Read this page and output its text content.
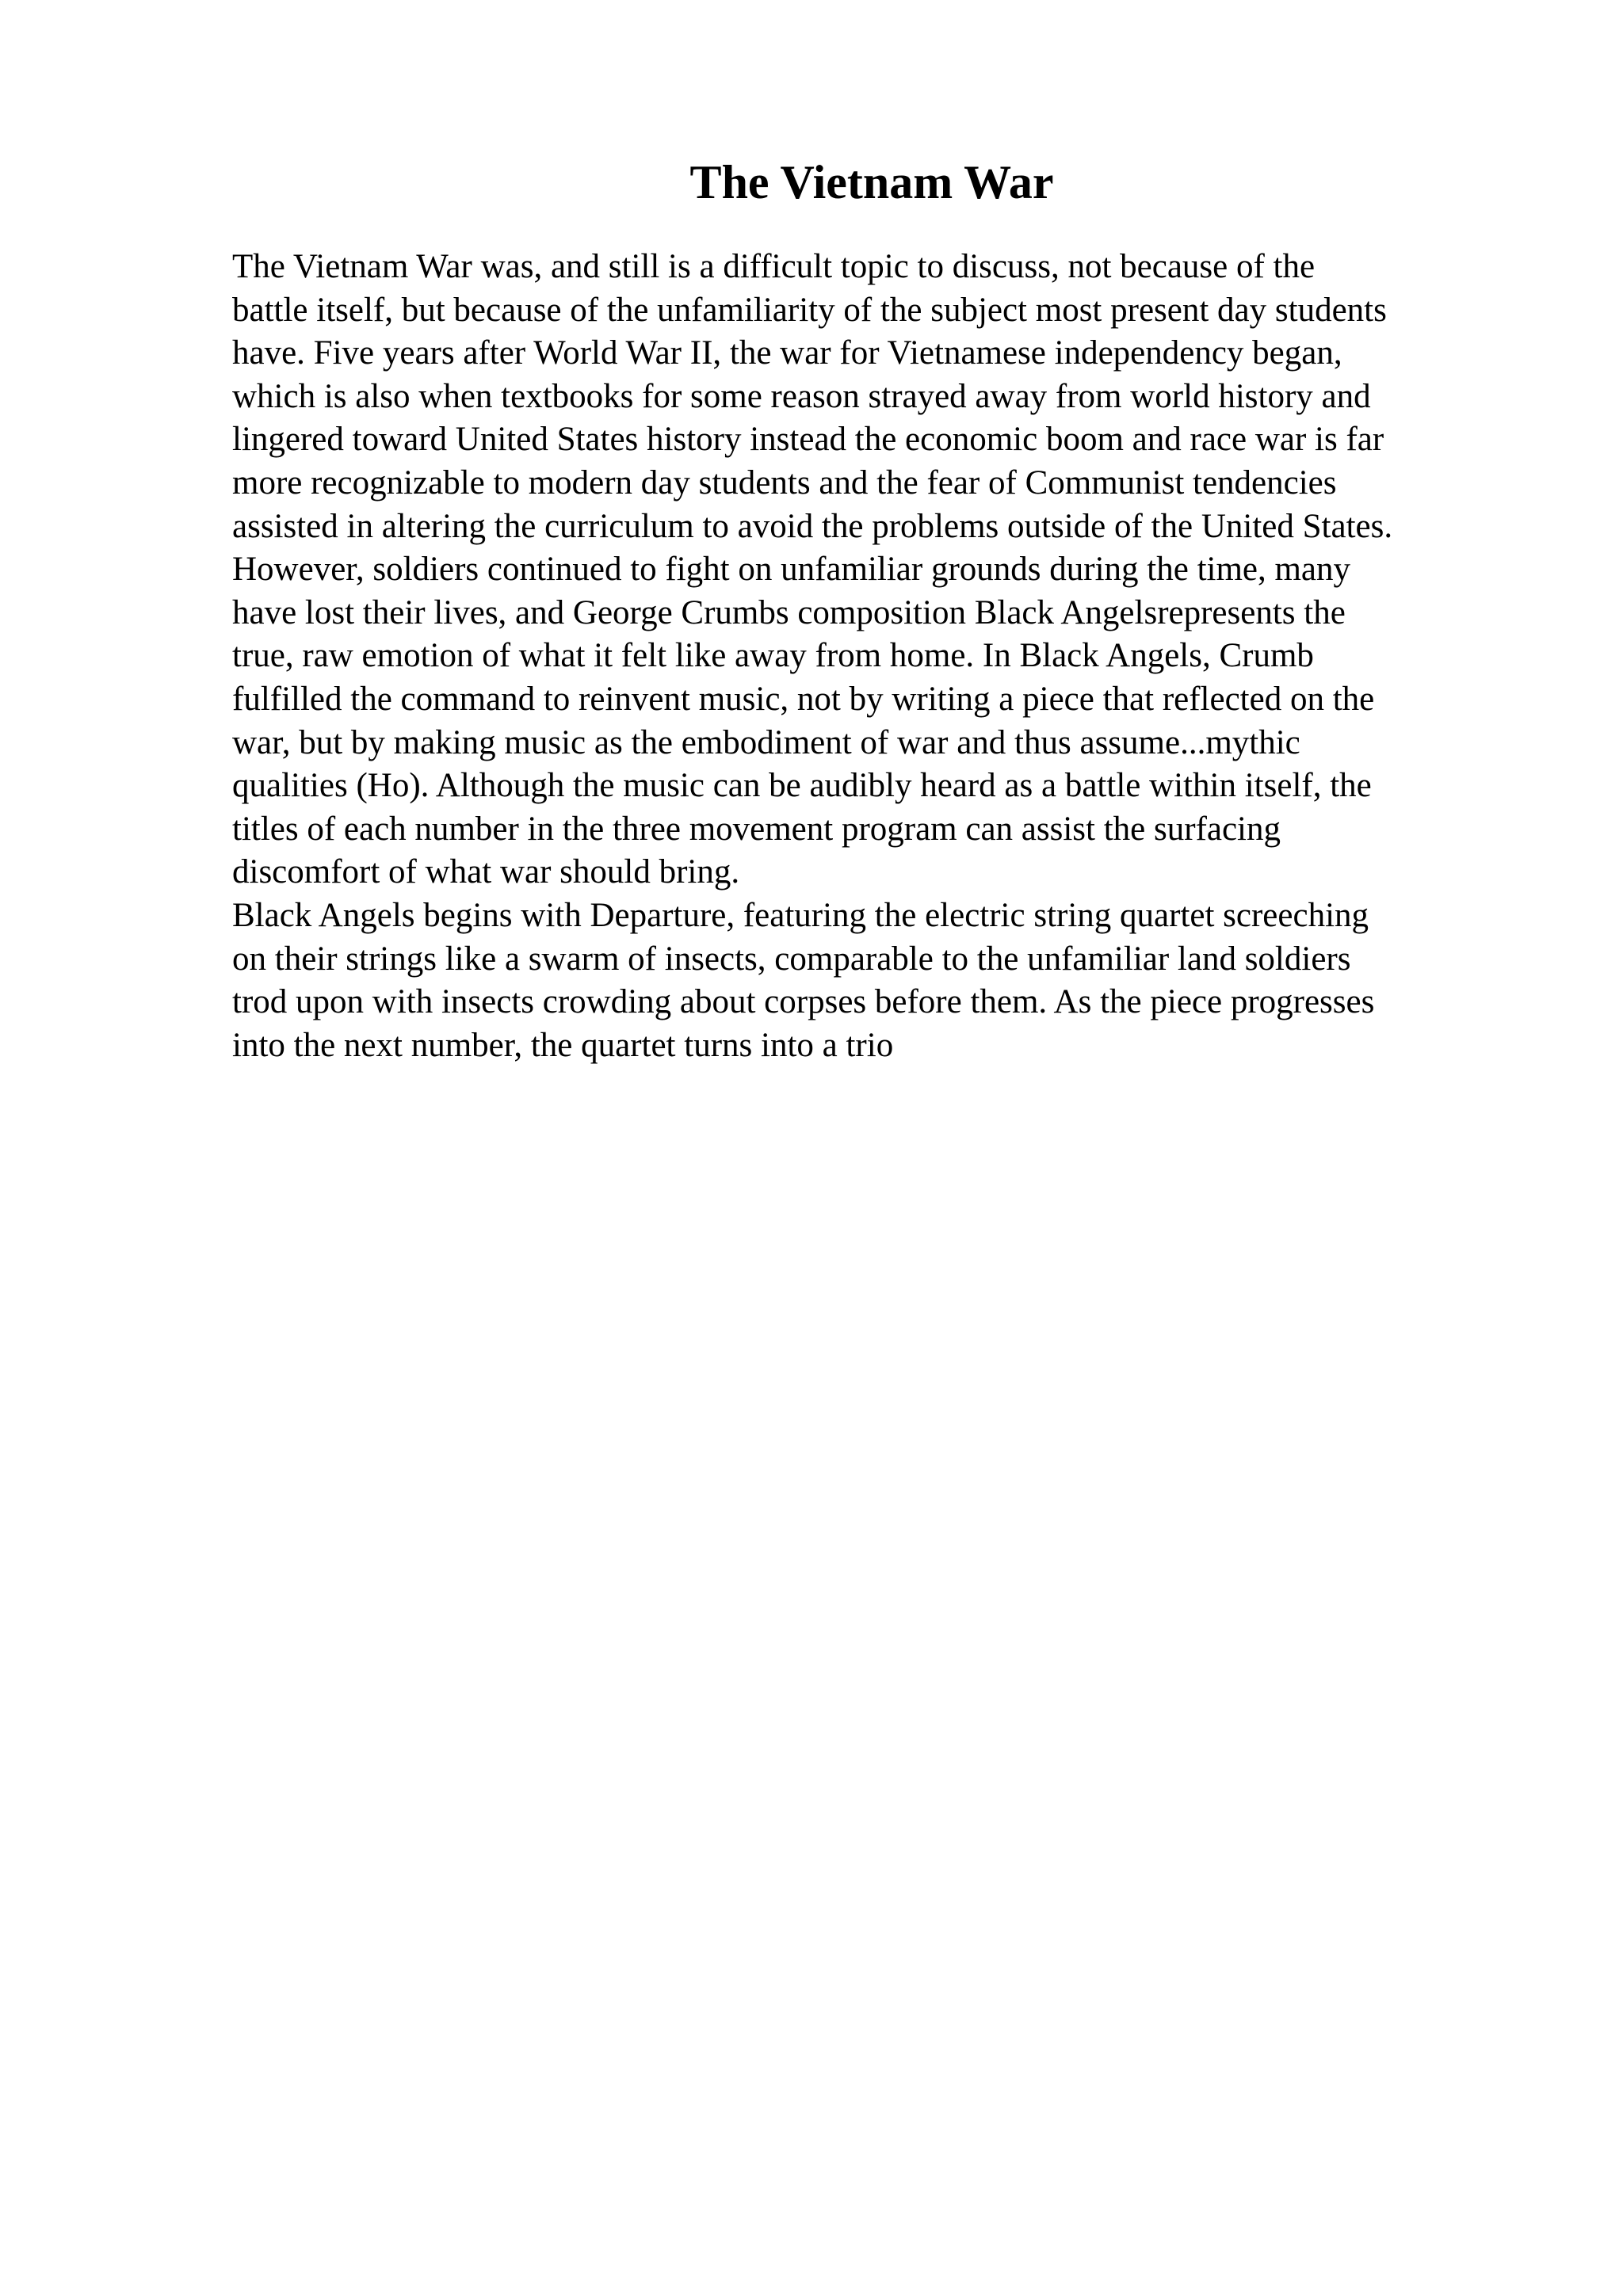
The Vietnam War
The Vietnam War was, and still is a difficult topic to discuss, not because of the
battle itself, but because of the unfamiliarity of the subject most present day students
have. Five years after World War II, the war for Vietnamese independency began,
which is also when textbooks for some reason strayed away from world history and
lingered toward United States history instead the economic boom and race war is far
more recognizable to modern day students and the fear of Communist tendencies
assisted in altering the curriculum to avoid the problems outside of the United States.
However, soldiers continued to fight on unfamiliar grounds during the time, many
have lost their lives, and George Crumbs composition Black Angelsrepresents the
true, raw emotion of what it felt like away from home. In Black Angels, Crumb
fulfilled the command to reinvent music, not by writing a piece that reflected on the
war, but by making music as the embodiment of war and thus assume...mythic
qualities (Ho). Although the music can be audibly heard as a battle within itself, the
titles of each number in the three movement program can assist the surfacing
discomfort of what war should bring.
Black Angels begins with Departure, featuring the electric string quartet screeching
on their strings like a swarm of insects, comparable to the unfamiliar land soldiers
trod upon with insects crowding about corpses before them. As the piece progresses
into the next number, the quartet turns into a trio
